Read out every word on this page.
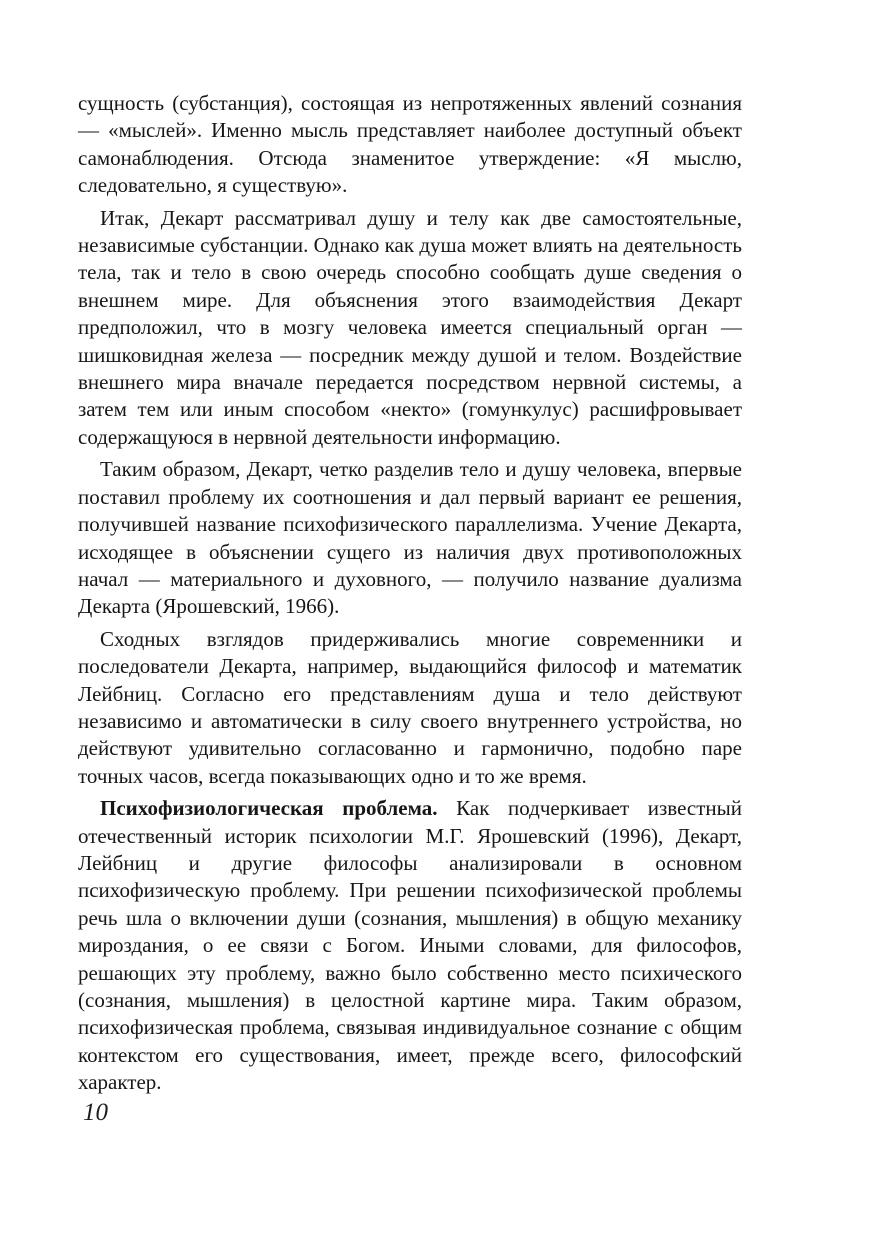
сущность (субстанция), состоящая из непротяженных явлений сознания — «мыслей». Именно мысль представляет наиболее доступный объект самонаблюдения. Отсюда знаменитое утверждение: «Я мыслю, следовательно, я существую».

Итак, Декарт рассматривал душу и телу как две самостоятельные, независимые субстанции. Однако как душа может влиять на деятельность тела, так и тело в свою очередь способно сообщать душе сведения о внешнем мире. Для объяснения этого взаимодействия Декарт предположил, что в мозгу человека имеется специальный орган — шишковидная железа — посредник между душой и телом. Воздействие внешнего мира вначале передается посредством нервной системы, а затем тем или иным способом «некто» (гомункулус) расшифровывает содержащуюся в нервной деятельности информацию.

Таким образом, Декарт, четко разделив тело и душу человека, впервые поставил проблему их соотношения и дал первый вариант ее решения, получившей название психофизического параллелизма. Учение Декарта, исходящее в объяснении сущего из наличия двух противоположных начал — материального и духовного, — получило название дуализма Декарта (Ярошевский, 1966).

Сходных взглядов придерживались многие современники и последователи Декарта, например, выдающийся философ и математик Лейбниц. Согласно его представлениям душа и тело действуют независимо и автоматически в силу своего внутреннего устройства, но действуют удивительно согласованно и гармонично, подобно паре точных часов, всегда показывающих одно и то же время.

Психофизиологическая проблема. Как подчеркивает известный отечественный историк психологии М.Г. Ярошевский (1996), Декарт, Лейбниц и другие философы анализировали в основном психофизическую проблему. При решении психофизической проблемы речь шла о включении души (сознания, мышления) в общую механику мироздания, о ее связи с Богом. Иными словами, для философов, решающих эту проблему, важно было собственно место психического (сознания, мышления) в целостной картине мира. Таким образом, психофизическая проблема, связывая индивидуальное сознание с общим контекстом его существования, имеет, прежде всего, философский характер.

10
